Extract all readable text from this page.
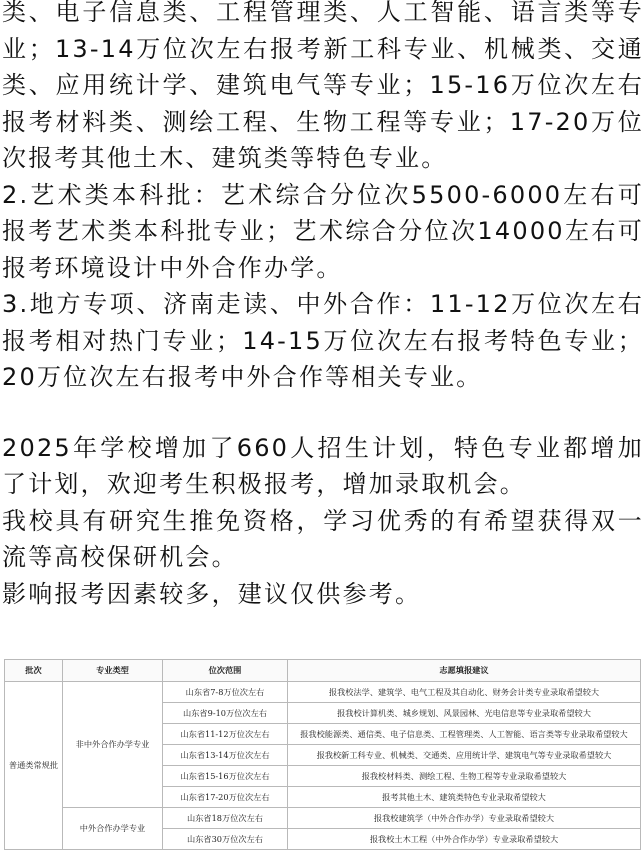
类、电子信息类、工程管理类、人工智能、语言类等专业；13-14万位次左右报考新工科专业、机械类、交通类、应用统计学、建筑电气等专业；15-16万位次左右报考材料类、测绘工程、生物工程等专业；17-20万位次报考其他土木、建筑类等特色专业。

2.艺术类本科批：艺术综合分位次5500-6000左右可报考艺术类本科批专业；艺术综合分位次14000左右可报考环境设计中外合作办学。

3.地方专项、济南走读、中外合作：11-12万位次左右报考相对热门专业；14-15万位次左右报考特色专业；20万位次左右报考中外合作等相关专业。

2025年学校增加了660人招生计划，特色专业都增加了计划，欢迎考生积极报考，增加录取机会。

我校具有研究生推免资格，学习优秀的有希望获得双一流等高校保研机会。

影响报考因素较多，建议仅供参考。

批次	专业类型	位次范围	志愿填报建议
普通类常规批	非中外合作办学专业	山东省7-8万位次左右	报我校法学、建筑学、电气工程及其自动化、财务会计类专业录取希望较大
		山东省9-10万位次左右	报我校计算机类、城乡规划、风景园林、光电信息等专业录取希望较大
		山东省11-12万位次左右	报我校能源类、通信类、电子信息类、工程管理类、人工智能、语言类等专业录取希望较大
		山东省13-14万位次左右	报我校新工科专业、机械类、交通类、应用统计学、建筑电气等专业录取希望较大
		山东省15-16万位次左右	报我校材料类、测绘工程、生物工程等专业录取希望较大
		山东省17-20万位次左右	报考其他土木、建筑类特色专业录取希望较大
	中外合作办学专业	山东省18万位次左右	报我校建筑学（中外合作办学）专业录取希望较大
		山东省30万位次左右	报我校土木工程（中外合作办学）专业录取希望较大
